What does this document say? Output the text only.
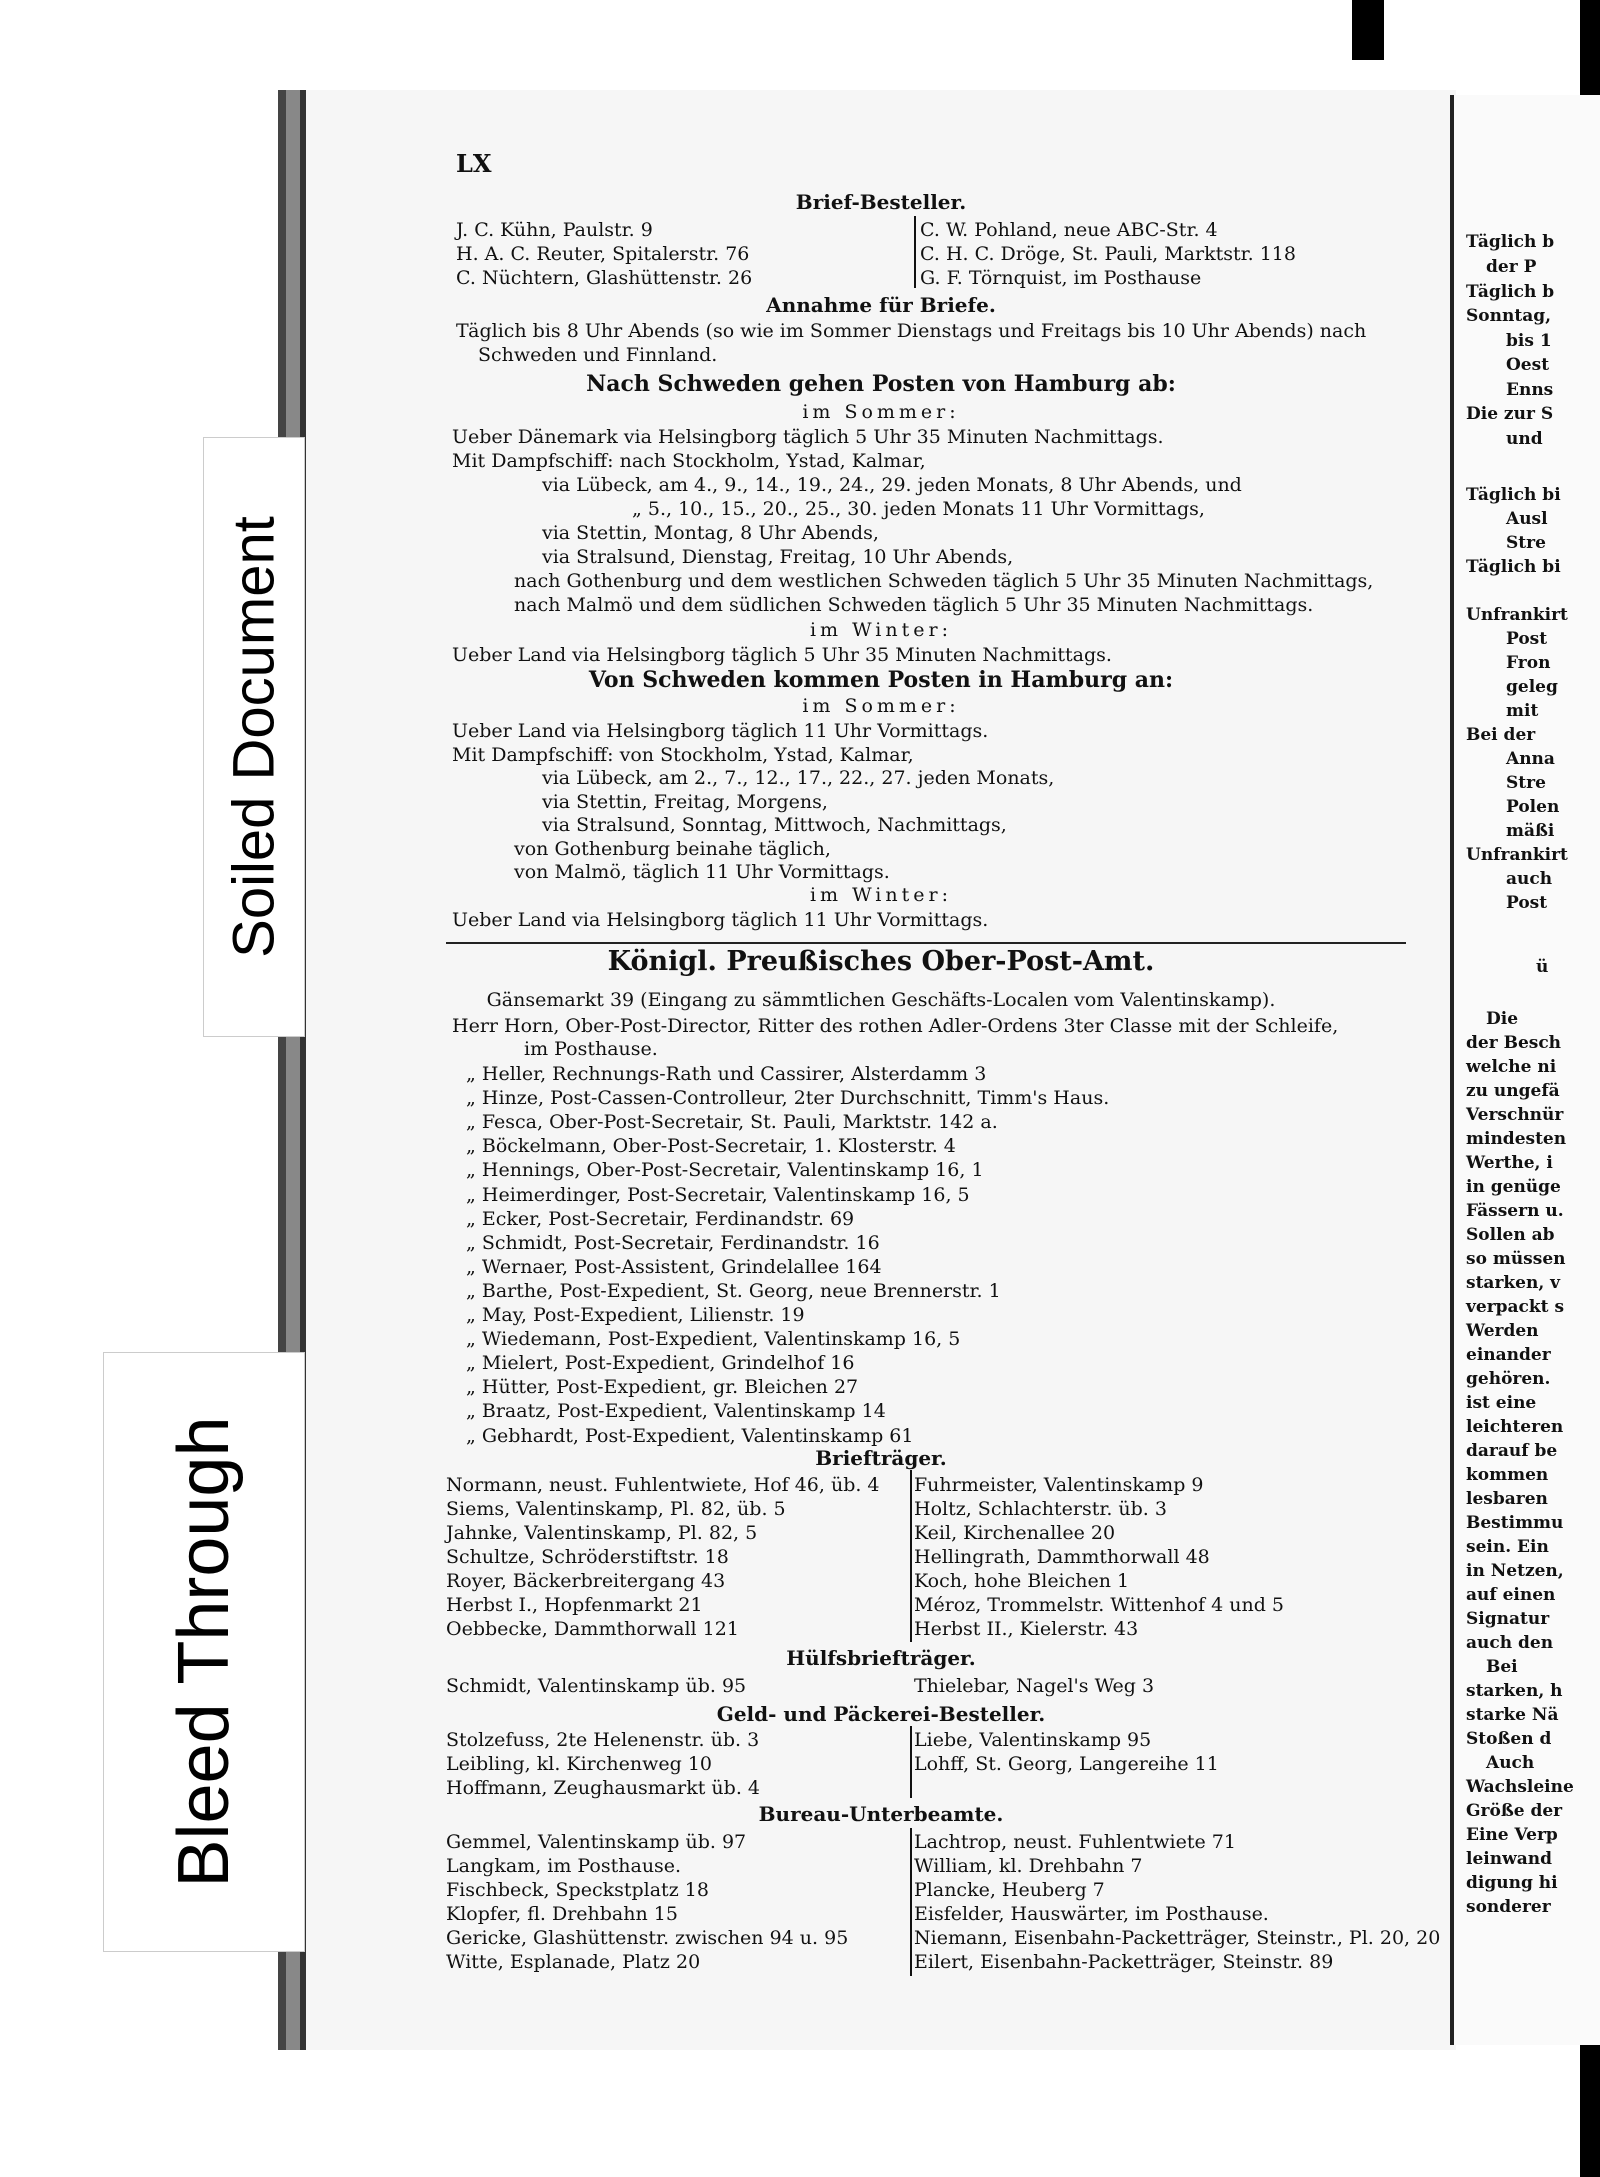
LX
Brief-Besteller.
J. C. Kühn, Paulstr. 9
H. A. C. Reuter, Spitalerstr. 76
C. Nüchtern, Glashüttenstr. 26
C. W. Pohland, neue ABC-Str. 4
C. H. C. Dröge, St. Pauli, Marktstr. 118
G. F. Törnquist, im Posthause
Annahme für Briefe.
Täglich bis 8 Uhr Abends (so wie im Sommer Dienstags und Freitags bis 10 Uhr Abends) nach
Schweden und Finnland.
Nach Schweden gehen Posten von Hamburg ab:
im Sommer:
Ueber Dänemark via Helsingborg täglich 5 Uhr 35 Minuten Nachmittags.
Mit Dampfschiff: nach Stockholm, Ystad, Kalmar,
via Lübeck, am 4., 9., 14., 19., 24., 29. jeden Monats, 8 Uhr Abends, und
„ 5., 10., 15., 20., 25., 30. jeden Monats 11 Uhr Vormittags,
via Stettin, Montag, 8 Uhr Abends,
via Stralsund, Dienstag, Freitag, 10 Uhr Abends,
nach Gothenburg und dem westlichen Schweden täglich 5 Uhr 35 Minuten Nachmittags,
nach Malmö und dem südlichen Schweden täglich 5 Uhr 35 Minuten Nachmittags.
im Winter:
Ueber Land via Helsingborg täglich 5 Uhr 35 Minuten Nachmittags.
Von Schweden kommen Posten in Hamburg an:
im Sommer:
Ueber Land via Helsingborg täglich 11 Uhr Vormittags.
Mit Dampfschiff: von Stockholm, Ystad, Kalmar,
via Lübeck, am 2., 7., 12., 17., 22., 27. jeden Monats,
via Stettin, Freitag, Morgens,
via Stralsund, Sonntag, Mittwoch, Nachmittags,
von Gothenburg beinahe täglich,
von Malmö, täglich 11 Uhr Vormittags.
im Winter:
Ueber Land via Helsingborg täglich 11 Uhr Vormittags.
Königl. Preußisches Ober-Post-Amt.
Gänsemarkt 39 (Eingang zu sämmtlichen Geschäfts-Localen vom Valentinskamp).
Herr Horn, Ober-Post-Director, Ritter des rothen Adler-Ordens 3ter Classe mit der Schleife,
im Posthause.
„ Heller, Rechnungs-Rath und Cassirer, Alsterdamm 3
„ Hinze, Post-Cassen-Controlleur, 2ter Durchschnitt, Timm's Haus.
„ Fesca, Ober-Post-Secretair, St. Pauli, Marktstr. 142 a.
„ Böckelmann, Ober-Post-Secretair, 1. Klosterstr. 4
„ Hennings, Ober-Post-Secretair, Valentinskamp 16, 1
„ Heimerdinger, Post-Secretair, Valentinskamp 16, 5
„ Ecker, Post-Secretair, Ferdinandstr. 69
„ Schmidt, Post-Secretair, Ferdinandstr. 16
„ Wernaer, Post-Assistent, Grindelallee 164
„ Barthe, Post-Expedient, St. Georg, neue Brennerstr. 1
„ May, Post-Expedient, Lilienstr. 19
„ Wiedemann, Post-Expedient, Valentinskamp 16, 5
„ Mielert, Post-Expedient, Grindelhof 16
„ Hütter, Post-Expedient, gr. Bleichen 27
„ Braatz, Post-Expedient, Valentinskamp 14
„ Gebhardt, Post-Expedient, Valentinskamp 61
Briefträger.
Normann, neust. Fuhlentwiete, Hof 46, üb. 4
Siems, Valentinskamp, Pl. 82, üb. 5
Jahnke, Valentinskamp, Pl. 82, 5
Schultze, Schröderstiftstr. 18
Royer, Bäckerbreitergang 43
Herbst I., Hopfenmarkt 21
Oebbecke, Dammthorwall 121
Fuhrmeister, Valentinskamp 9
Holtz, Schlachterstr. üb. 3
Keil, Kirchenallee 20
Hellingrath, Dammthorwall 48
Koch, hohe Bleichen 1
Méroz, Trommelstr. Wittenhof 4 und 5
Herbst II., Kielerstr. 43
Hülfsbriefträger.
Schmidt, Valentinskamp üb. 95	Thielebar, Nagel's Weg 3
Geld- und Päckerei-Besteller.
Stolzefuss, 2te Helenenstr. üb. 3
Leibling, kl. Kirchenweg 10
Hoffmann, Zeughausmarkt üb. 4
Liebe, Valentinskamp 95
Lohff, St. Georg, Langereihe 11
Bureau-Unterbeamte.
Gemmel, Valentinskamp üb. 97
Langkam, im Posthause.
Fischbeck, Speckstplatz 18
Klopfer, fl. Drehbahn 15
Gericke, Glashüttenstr. zwischen 94 u. 95
Witte, Esplanade, Platz 20
Lachtrop, neust. Fuhlentwiete 71
William, kl. Drehbahn 7
Plancke, Heuberg 7
Eisfelder, Hauswärter, im Posthause.
Niemann, Eisenbahn-Packetträger, Steinstr., Pl. 20, 20
Eilert, Eisenbahn-Packetträger, Steinstr. 89
Täglich b
der P
Täglich b
Sonntag,
bis 1
Oest
Enns
Die zur S
und
Täglich bi
Ausl
Stre
Täglich bi
Unfrankirt
Post
Fron
geleg
mit
Bei der
Anna
Stre
Polen
mäßi
Unfrankirt
auch
Post
ü
Die
der Besch
welche ni
zu ungefä
Verschnür
mindesten
Werthe, i
in genüge
Fässern u.
Sollen ab
so müssen
starken, v
verpackt s
Werden
einander
gehören.
ist eine
leichteren
darauf be
kommen
lesbaren
Bestimmu
sein. Ein
in Netzen,
auf einen
Signatur
auch den
Bei
starken, h
starke Nä
Stoßen d
Auch
Wachsleine
Größe der
Eine Verp
leinwand
digung hi
sonderer
Soiled Document
Bleed Through
